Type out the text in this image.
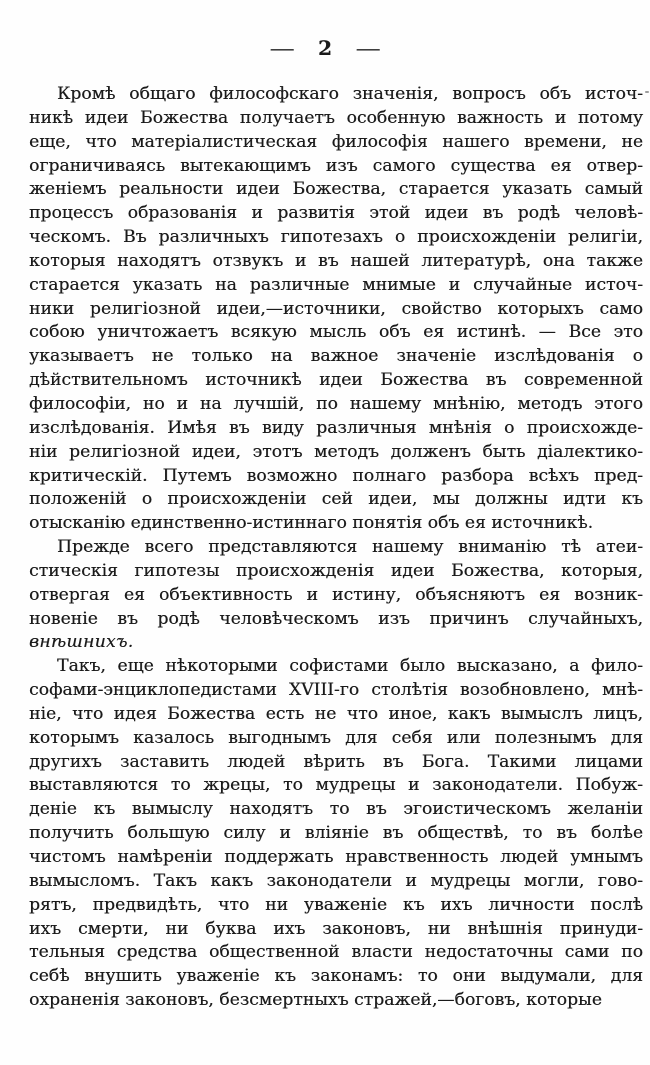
— 2 —

Кромѣ общаго философскаго значенія, вопросъ объ источ-
никѣ идеи Божества получаетъ особенную важность и потому
еще, что матеріалистическая философія нашего времени, не
ограничиваясь вытекающимъ изъ самого существа ея отвер-
женіемъ реальности идеи Божества, старается указать самый
процессъ образованія и развитія этой идеи въ родѣ человѣ-
ческомъ. Въ различныхъ гипотезахъ о происхожденіи религіи,
которыя находятъ отзвукъ и въ нашей литературѣ, она также
старается указать на различные мнимые и случайные источ-
ники религіозной идеи,—источники, свойство которыхъ само
собою уничтожаетъ всякую мысль объ ея истинѣ. — Все это
указываетъ не только на важное значеніе изслѣдованія о
дѣйствительномъ источникѣ идеи Божества въ современной
философіи, но и на лучшій, по нашему мнѣнію, методъ этого
изслѣдованія. Имѣя въ виду различныя мнѣнія о происхожде-
ніи религіозной идеи, этотъ методъ долженъ быть діалектико-
критическій. Путемъ возможно полнаго разбора всѣхъ пред-
положеній о происхожденіи сей идеи, мы должны идти къ
отысканію единственно-истиннаго понятія объ ея источникѣ.

Прежде всего представляются нашему вниманію тѣ атеи-
стическія гипотезы происхожденія идеи Божества, которыя,
отвергая ея объективность и истину, объясняютъ ея возник-
новеніе въ родѣ человѣческомъ изъ причинъ случайныхъ,
внѣшнихъ.

Такъ, еще нѣкоторыми софистами было высказано, а фило-
софами-энциклопедистами XVIII-го столѣтія возобновлено, мнѣ-
ніе, что идея Божества есть не что иное, какъ вымыслъ лицъ,
которымъ казалось выгоднымъ для себя или полезнымъ для
другихъ заставить людей вѣрить въ Бога. Такими лицами
выставляются то жрецы, то мудрецы и законодатели. Побуж-
деніе къ вымыслу находятъ то въ эгоистическомъ желаніи
получить большую силу и вліяніе въ обществѣ, то въ болѣе
чистомъ намѣреніи поддержать нравственность людей умнымъ
вымысломъ. Такъ какъ законодатели и мудрецы могли, гово-
рятъ, предвидѣть, что ни уваженіе къ ихъ личности послѣ
ихъ смерти, ни буква ихъ законовъ, ни внѣшнія принуди-
тельныя средства общественной власти недостаточны сами по
себѣ внушить уваженіе къ законамъ: то они выдумали, для
охраненія законовъ, безсмертныхъ стражей,—боговъ, которые
